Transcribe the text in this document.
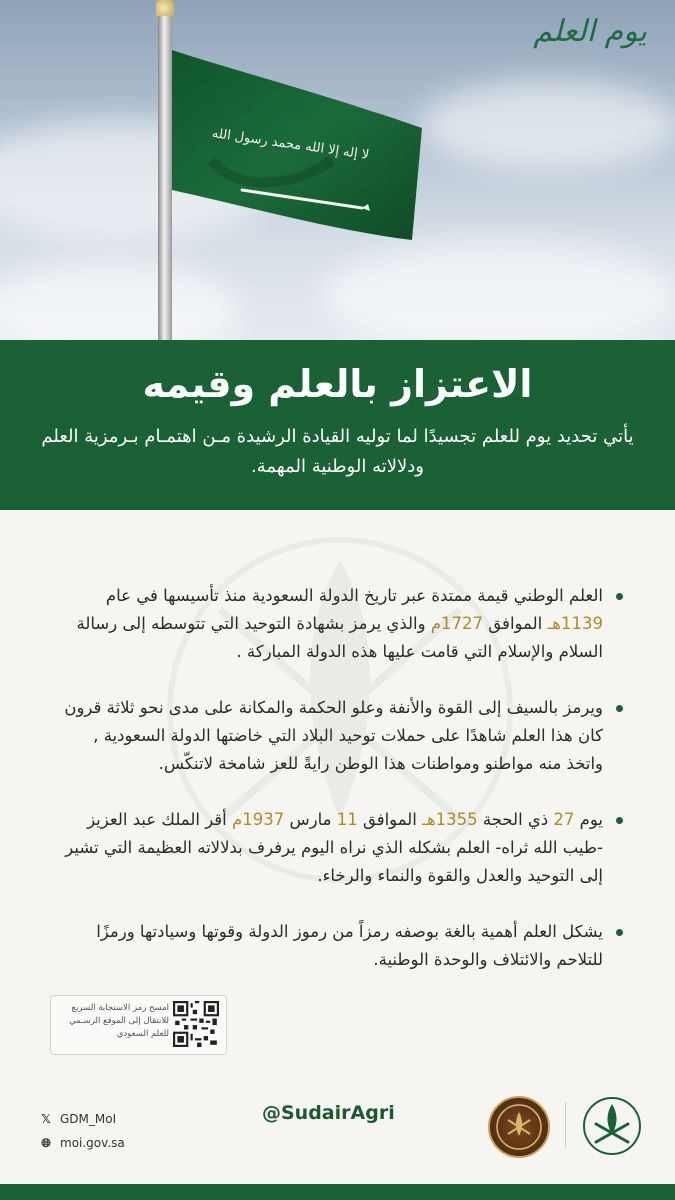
لا إله إلا الله محمد رسول الله
يوم العلم
الاعتزاز بالعلم وقيمه
يأتي تحديد يوم للعلم تجسيدًا لما توليه القيادة الرشيدة مـن اهتمـام بـرمزية العلم ودلالاته الوطنية المهمة.
العلم الوطني قيمة ممتدة عبر تاريخ الدولة السعودية منذ تأسيسها في عام 1139هـ الموافق 1727م والذي يرمز بشهادة التوحيد التي تتوسطه إلى رسالة السلام والإسلام التي قامت عليها هذه الدولة المباركة .
ويرمز بالسيف إلى القوة والأنفة وعلو الحكمة والمكانة على مدى نحو ثلاثة قرون كان هذا العلم شاهدًا على حملات توحيد البلاد التي خاضتها الدولة السعودية , واتخذ منه مواطنو ومواطنات هذا الوطن رايةً للعز شامخة لاتنكّس.
يوم 27 ذي الحجة 1355هـ الموافق 11 مارس 1937م أقر الملك عبد العزيز -طيب الله ثراه- العلم بشكله الذي نراه اليوم يرفرف بدلالاته العظيمة التي تشير إلى التوحيد والعدل والقوة والنماء والرخاء.
يشكل العلم أهمية بالغة بوصفه رمزاً من رموز الدولة وقوتها وسيادتها ورمزًا للتلاحم والائتلاف والوحدة الوطنية.
امسح رمز الاستجابة السريع
للانتقال إلى الموقع الرسـمي
للعلم السعودي
𝕏 GDM_MoI
🌐︎ moi.gov.sa
@SudairAgri
